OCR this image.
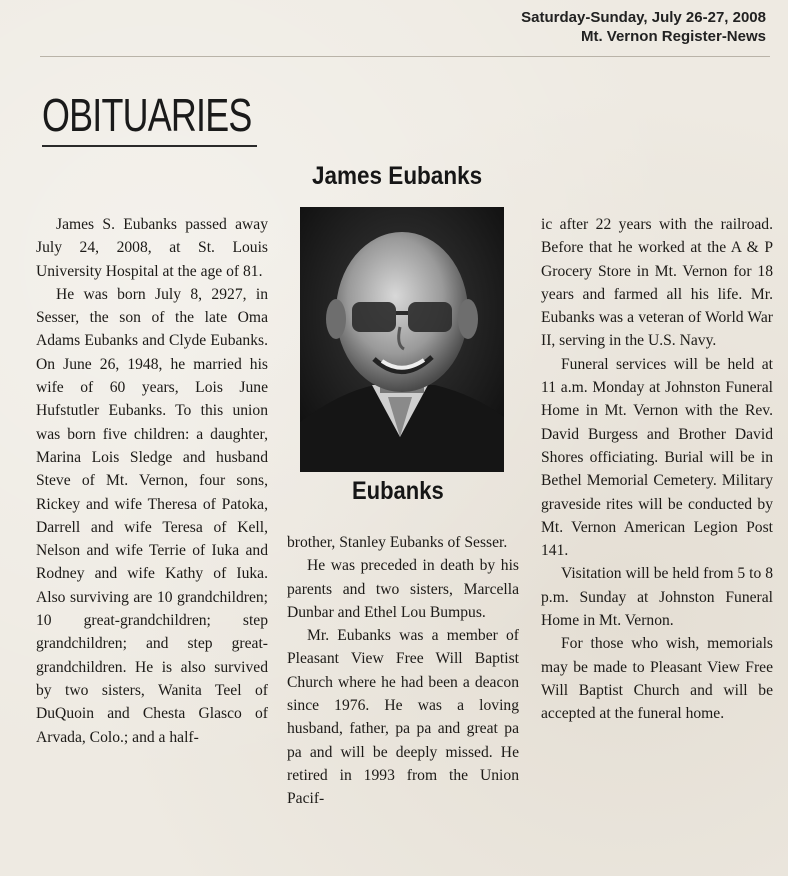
Saturday-Sunday, July 26-27, 2008
Mt. Vernon Register-News
OBITUARIES
James Eubanks
Eubanks

James S. Eubanks passed away July 24, 2008, at St. Louis University Hospital at the age of 81.

He was born July 8, 2927, in Sesser, the son of the late Oma Adams Eubanks and Clyde Eubanks. On June 26, 1948, he married his wife of 60 years, Lois June Hufstutler Eubanks. To this union was born five children: a daughter, Marina Lois Sledge and husband Steve of Mt. Vernon, four sons, Rickey and wife Theresa of Patoka, Darrell and wife Teresa of Kell, Nelson and wife Terrie of Iuka and Rodney and wife Kathy of Iuka. Also surviving are 10 grandchildren; 10 great-grandchildren; step grandchildren; and step great-grandchildren. He is also survived by two sisters, Wanita Teel of DuQuoin and Chesta Glasco of Arvada, Colo.; and a half-

brother, Stanley Eubanks of Sesser.

He was preceded in death by his parents and two sisters, Marcella Dunbar and Ethel Lou Bumpus.

Mr. Eubanks was a member of Pleasant View Free Will Baptist Church where he had been a deacon since 1976. He was a loving husband, father, pa pa and great pa pa and will be deeply missed. He retired in 1993 from the Union Pacif-

ic after 22 years with the railroad. Before that he worked at the A & P Grocery Store in Mt. Vernon for 18 years and farmed all his life. Mr. Eubanks was a veteran of World War II, serving in the U.S. Navy.

Funeral services will be held at 11 a.m. Monday at Johnston Funeral Home in Mt. Vernon with the Rev. David Burgess and Brother David Shores officiating. Burial will be in Bethel Memorial Cemetery. Military graveside rites will be conducted by Mt. Vernon American Legion Post 141.

Visitation will be held from 5 to 8 p.m. Sunday at Johnston Funeral Home in Mt. Vernon.

For those who wish, memorials may be made to Pleasant View Free Will Baptist Church and will be accepted at the funeral home.
